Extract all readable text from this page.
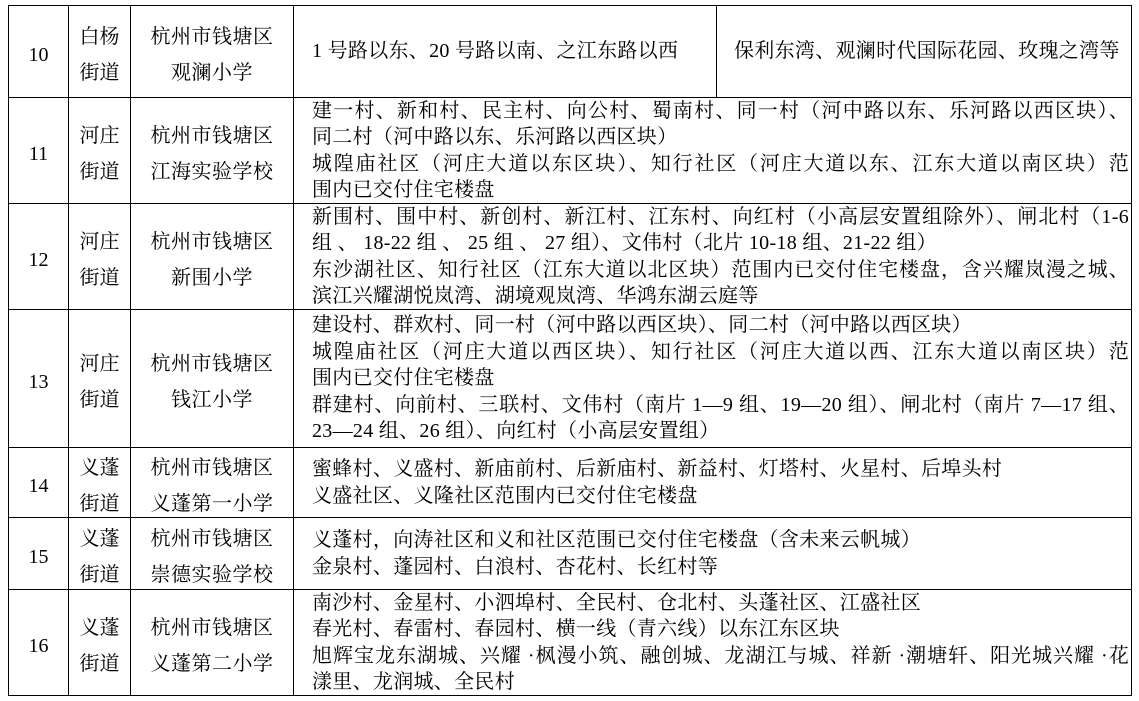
10
白杨
街道
杭州市钱塘区
观澜小学
1 号路以东、20 号路以南、之江东路以西	保利东湾、观澜时代国际花园、玫瑰之湾等
11
河庄
街道
杭州市钱塘区
江海实验学校
建一村、新和村、民主村、向公村、蜀南村、同一村（河中路以东、乐河路以西区块）、
同二村（河中路以东、乐河路以西区块）
城隍庙社区（河庄大道以东区块）、知行社区（河庄大道以东、江东大道以南区块）范
围内已交付住宅楼盘
12
河庄
街道
杭州市钱塘区
新围小学
新围村、围中村、新创村、新江村、江东村、向红村（小高层安置组除外）、闸北村（1-6
组 、 18-22 组 、 25 组 、 27 组）、文伟村（北片 10-18 组、21-22 组）
东沙湖社区、知行社区（江东大道以北区块）范围内已交付住宅楼盘，含兴耀岚漫之城、
滨江兴耀湖悦岚湾、湖境观岚湾、华鸿东湖云庭等
13
河庄
街道
杭州市钱塘区
钱江小学
建设村、群欢村、同一村（河中路以西区块）、同二村（河中路以西区块）
城隍庙社区（河庄大道以西区块）、知行社区（河庄大道以西、江东大道以南区块）范
围内已交付住宅楼盘
群建村、向前村、三联村、文伟村（南片 1—9 组、19—20 组）、闸北村（南片 7—17 组、
23—24 组、26 组）、向红村（小高层安置组）
14
义蓬
街道
杭州市钱塘区
义蓬第一小学
蜜蜂村、义盛村、新庙前村、后新庙村、新益村、灯塔村、火星村、后埠头村
义盛社区、义隆社区范围内已交付住宅楼盘
15
义蓬
街道
杭州市钱塘区
崇德实验学校
义蓬村，向涛社区和义和社区范围已交付住宅楼盘（含未来云帆城）
金泉村、蓬园村、白浪村、杏花村、长红村等
16
义蓬
街道
杭州市钱塘区
义蓬第二小学
南沙村、金星村、小泗埠村、全民村、仓北村、头蓬社区、江盛社区
春光村、春雷村、春园村、横一线（青六线）以东江东区块
旭辉宝龙东湖城、兴耀 ·枫漫小筑、融创城、龙湖江与城、祥新 ·潮塘轩、阳光城兴耀 ·花
漾里、龙润城、全民村
